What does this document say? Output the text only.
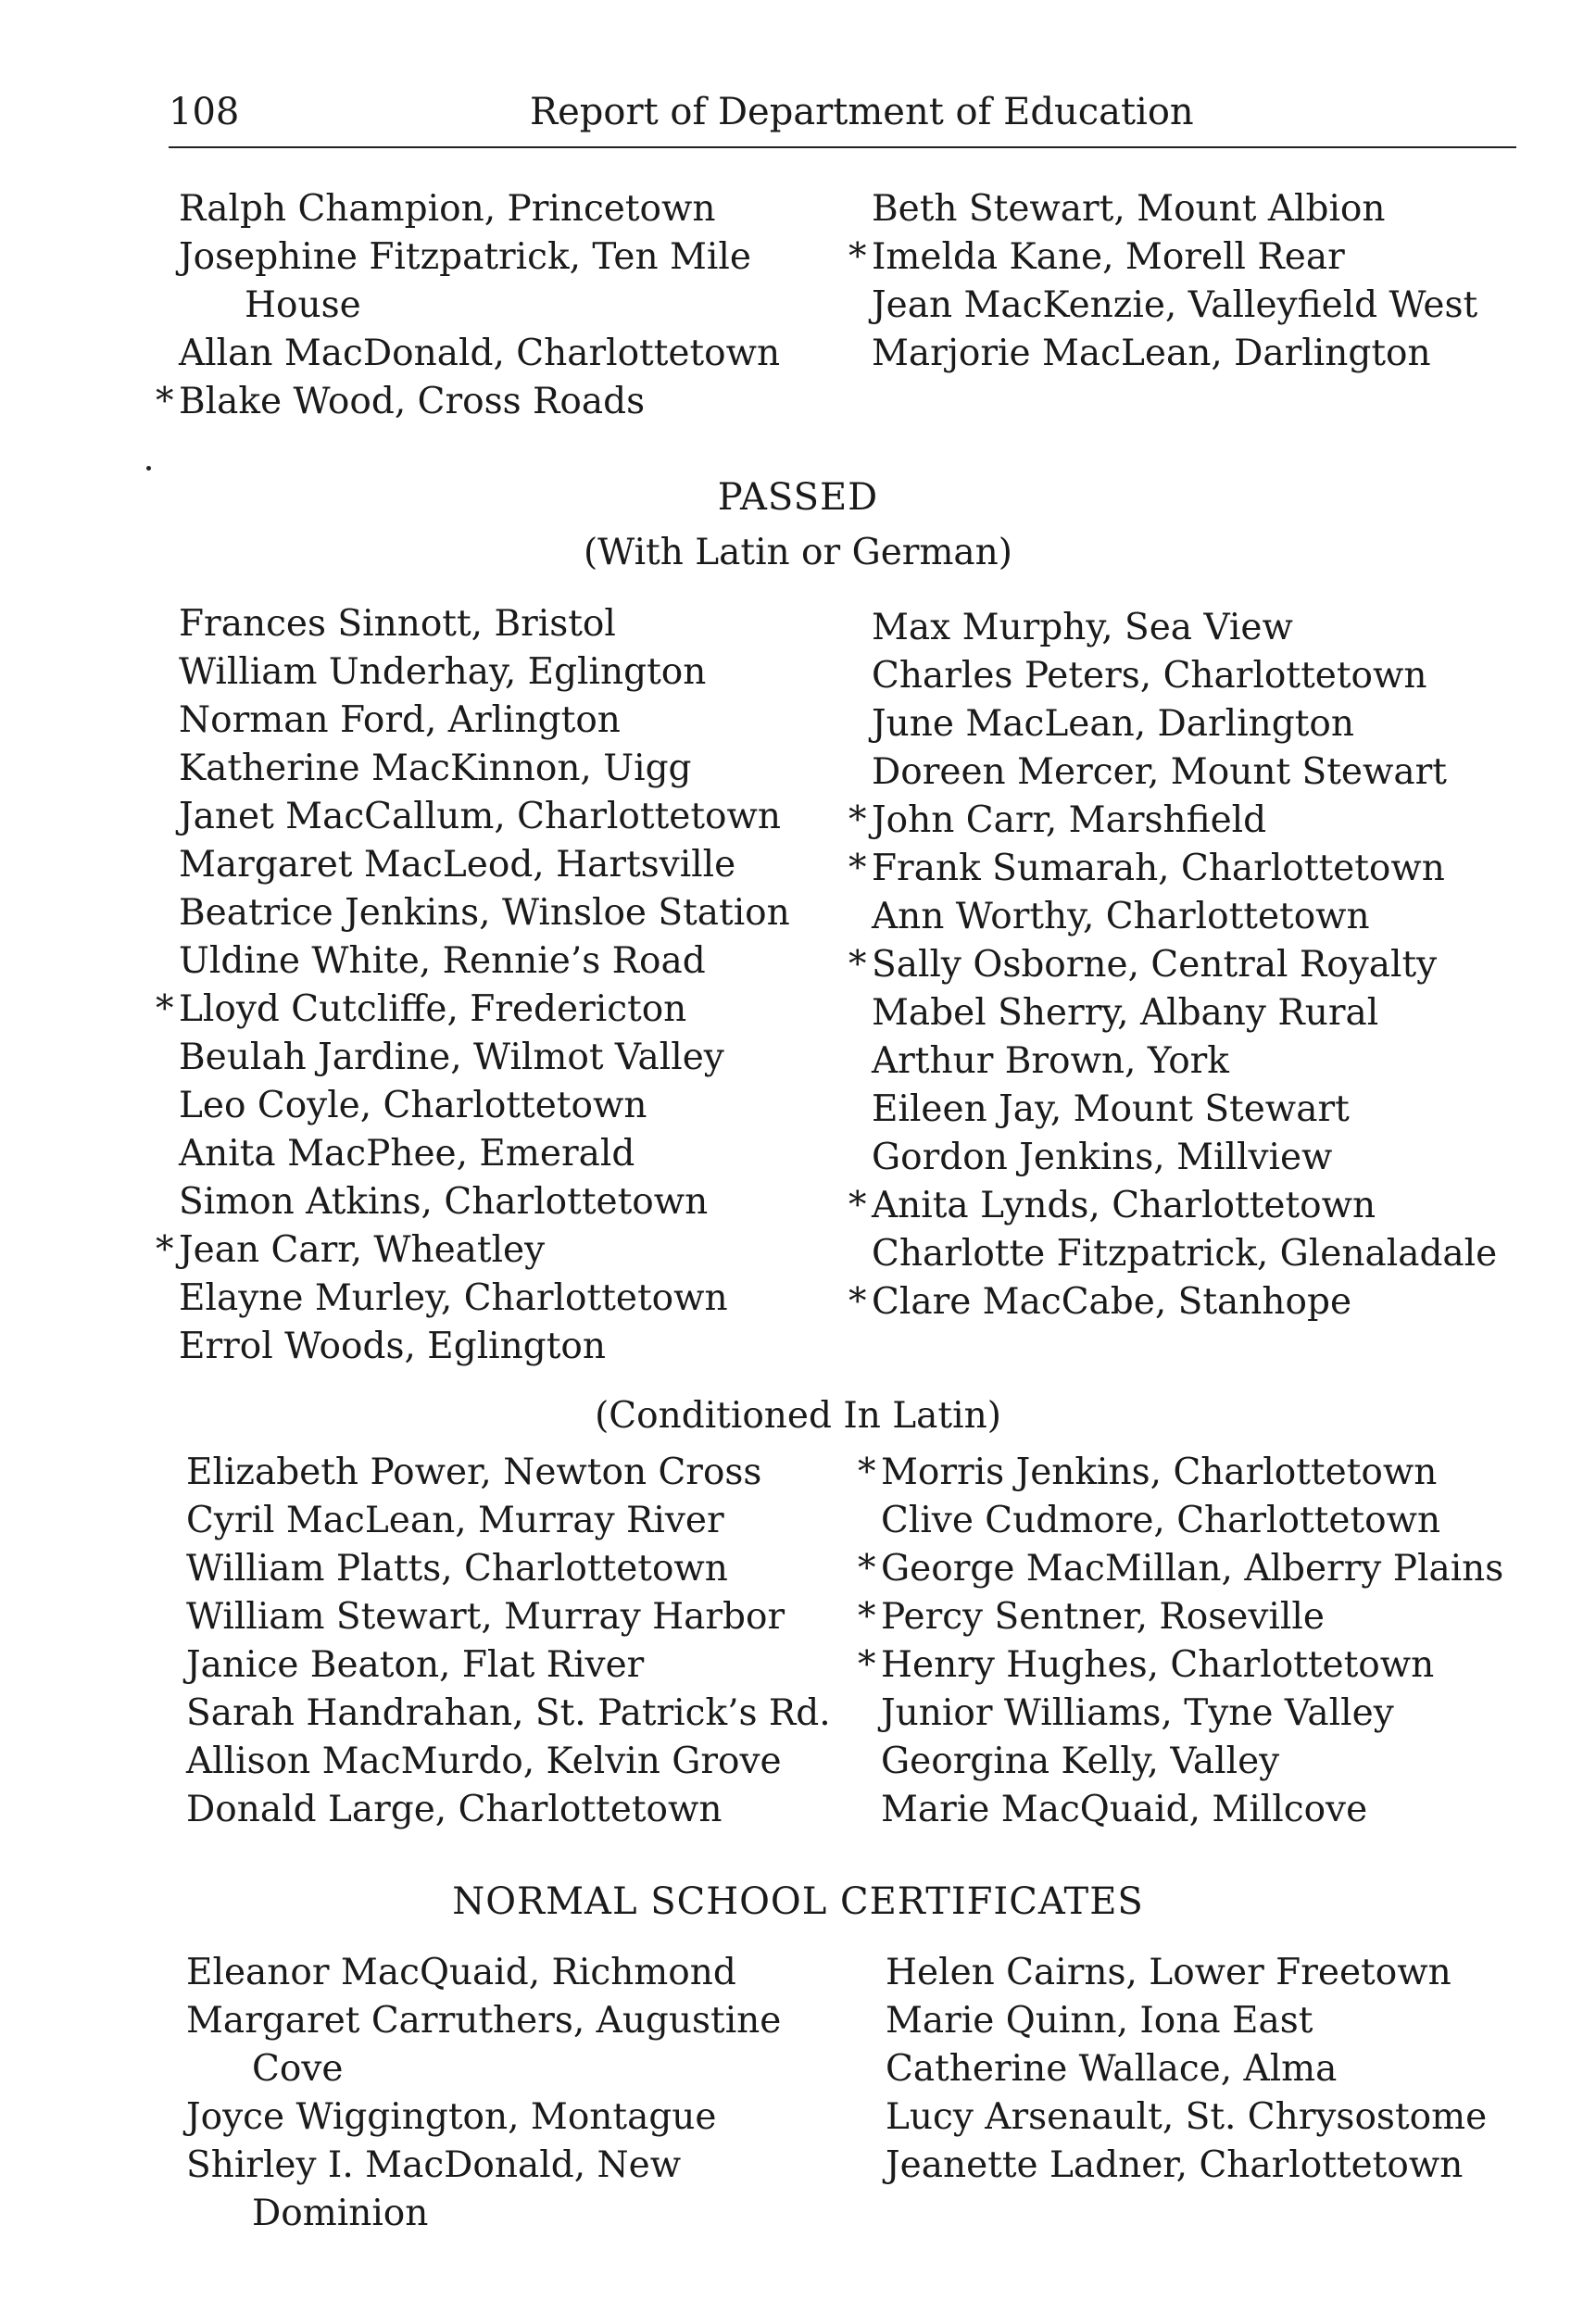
108	Report of Department of Education
Ralph Champion, Princetown
Josephine Fitzpatrick, Ten Mile House
Allan MacDonald, Charlottetown
* Blake Wood, Cross Roads
Beth Stewart, Mount Albion
* Imelda Kane, Morell Rear
Jean MacKenzie, Valleyfield West
Marjorie MacLean, Darlington
PASSED
(With Latin or German)
Frances Sinnott, Bristol
William Underhay, Eglington
Norman Ford, Arlington
Katherine MacKinnon, Uigg
Janet MacCallum, Charlottetown
Margaret MacLeod, Hartsville
Beatrice Jenkins, Winsloe Station
Uldine White, Rennie’s Road
* Lloyd Cutcliffe, Fredericton
Beulah Jardine, Wilmot Valley
Leo Coyle, Charlottetown
Anita MacPhee, Emerald
Simon Atkins, Charlottetown
* Jean Carr, Wheatley
Elayne Murley, Charlottetown
Errol Woods, Eglington
Max Murphy, Sea View
Charles Peters, Charlottetown
June MacLean, Darlington
Doreen Mercer, Mount Stewart
* John Carr, Marshfield
* Frank Sumarah, Charlottetown
Ann Worthy, Charlottetown
* Sally Osborne, Central Royalty
Mabel Sherry, Albany Rural
Arthur Brown, York
Eileen Jay, Mount Stewart
Gordon Jenkins, Millview
* Anita Lynds, Charlottetown
Charlotte Fitzpatrick, Glenaladale
* Clare MacCabe, Stanhope
(Conditioned In Latin)
Elizabeth Power, Newton Cross
Cyril MacLean, Murray River
William Platts, Charlottetown
William Stewart, Murray Harbor
Janice Beaton, Flat River
Sarah Handrahan, St. Patrick’s Rd.
Allison MacMurdo, Kelvin Grove
Donald Large, Charlottetown
* Morris Jenkins, Charlottetown
Clive Cudmore, Charlottetown
* George MacMillan, Alberry Plains
* Percy Sentner, Roseville
* Henry Hughes, Charlottetown
Junior Williams, Tyne Valley
Georgina Kelly, Valley
Marie MacQuaid, Millcove
NORMAL SCHOOL CERTIFICATES
Eleanor MacQuaid, Richmond
Margaret Carruthers, Augustine Cove
Joyce Wiggington, Montague
Shirley I. MacDonald, New Dominion
Helen Cairns, Lower Freetown
Marie Quinn, Iona East
Catherine Wallace, Alma
Lucy Arsenault, St. Chrysostome
Jeanette Ladner, Charlottetown
